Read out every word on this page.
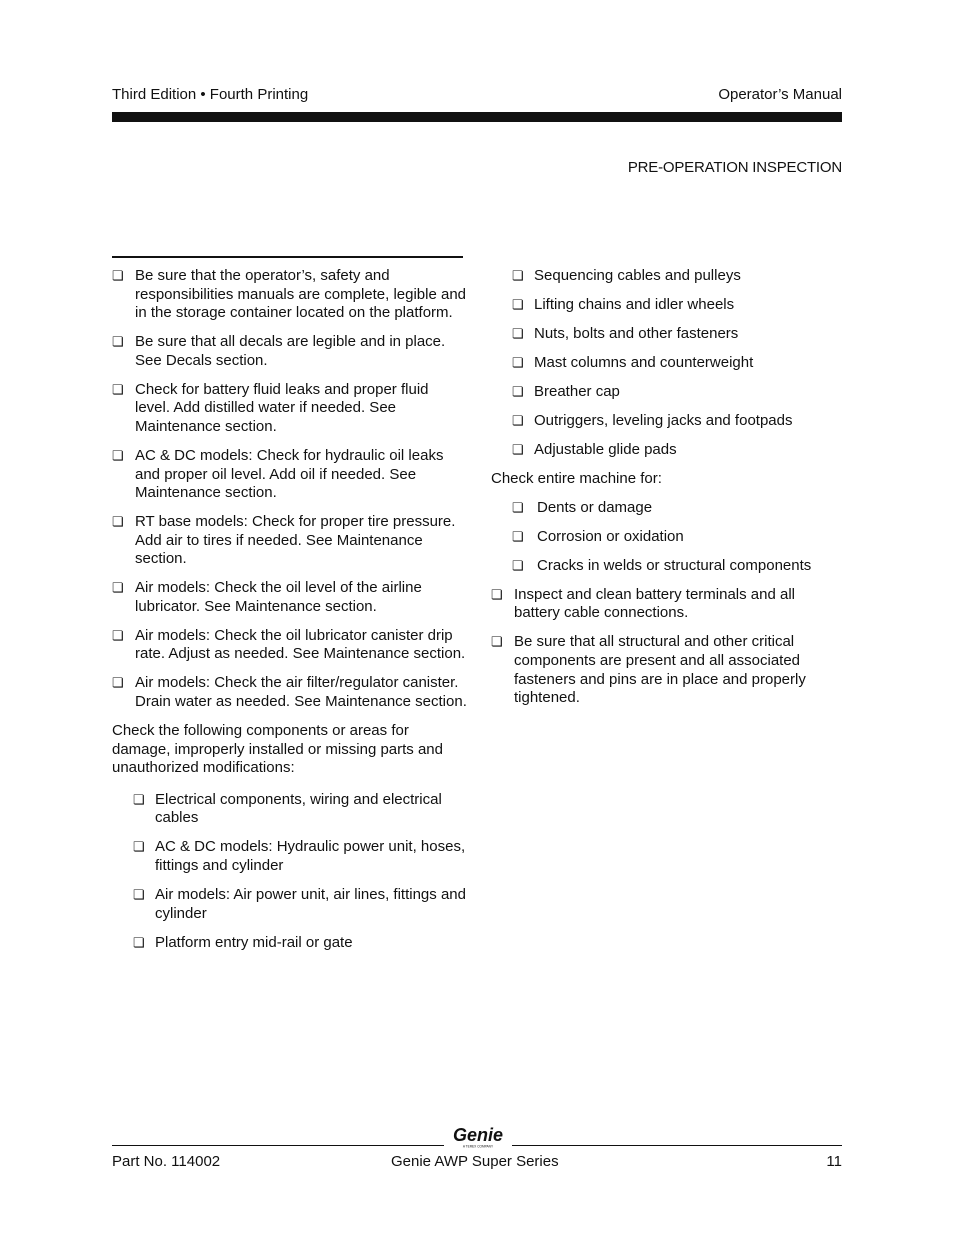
Third Edition • Fourth Printing	Operator’s Manual
PRE-OPERATION INSPECTION
❏ Be sure that the operator’s, safety and responsibilities manuals are complete, legible and in the storage container located on the platform.
❏ Be sure that all decals are legible and in place. See Decals section.
❏ Check for battery fluid leaks and proper fluid level. Add distilled water if needed. See Maintenance section.
❏ AC & DC models: Check for hydraulic oil leaks and proper oil level. Add oil if needed. See Maintenance section.
❏ RT base models: Check for proper tire pressure. Add air to tires if needed. See Maintenance section.
❏ Air models: Check the oil level of the airline lubricator. See Maintenance section.
❏ Air models: Check the oil lubricator canister drip rate. Adjust as needed. See Maintenance section.
❏ Air models: Check the air filter/regulator canister. Drain water as needed. See Maintenance section.
Check the following components or areas for damage, improperly installed or missing parts and unauthorized modifications:
❏ Electrical components, wiring and electrical cables
❏ AC & DC models: Hydraulic power unit, hoses, fittings and cylinder
❏ Air models: Air power unit, air lines, fittings and cylinder
❏ Platform entry mid-rail or gate
❏ Sequencing cables and pulleys
❏ Lifting chains and idler wheels
❏ Nuts, bolts and other fasteners
❏ Mast columns and counterweight
❏ Breather cap
❏ Outriggers, leveling jacks and footpads
❏ Adjustable glide pads
Check entire machine for:
❏ Dents or damage
❏ Corrosion or oxidation
❏ Cracks in welds or structural components
❏ Inspect and clean battery terminals and all battery cable connections.
❏ Be sure that all structural and other critical components are present and all associated fasteners and pins are in place and properly tightened.
Genie
A TEREX COMPANY
Part No. 114002	Genie AWP Super Series	11
